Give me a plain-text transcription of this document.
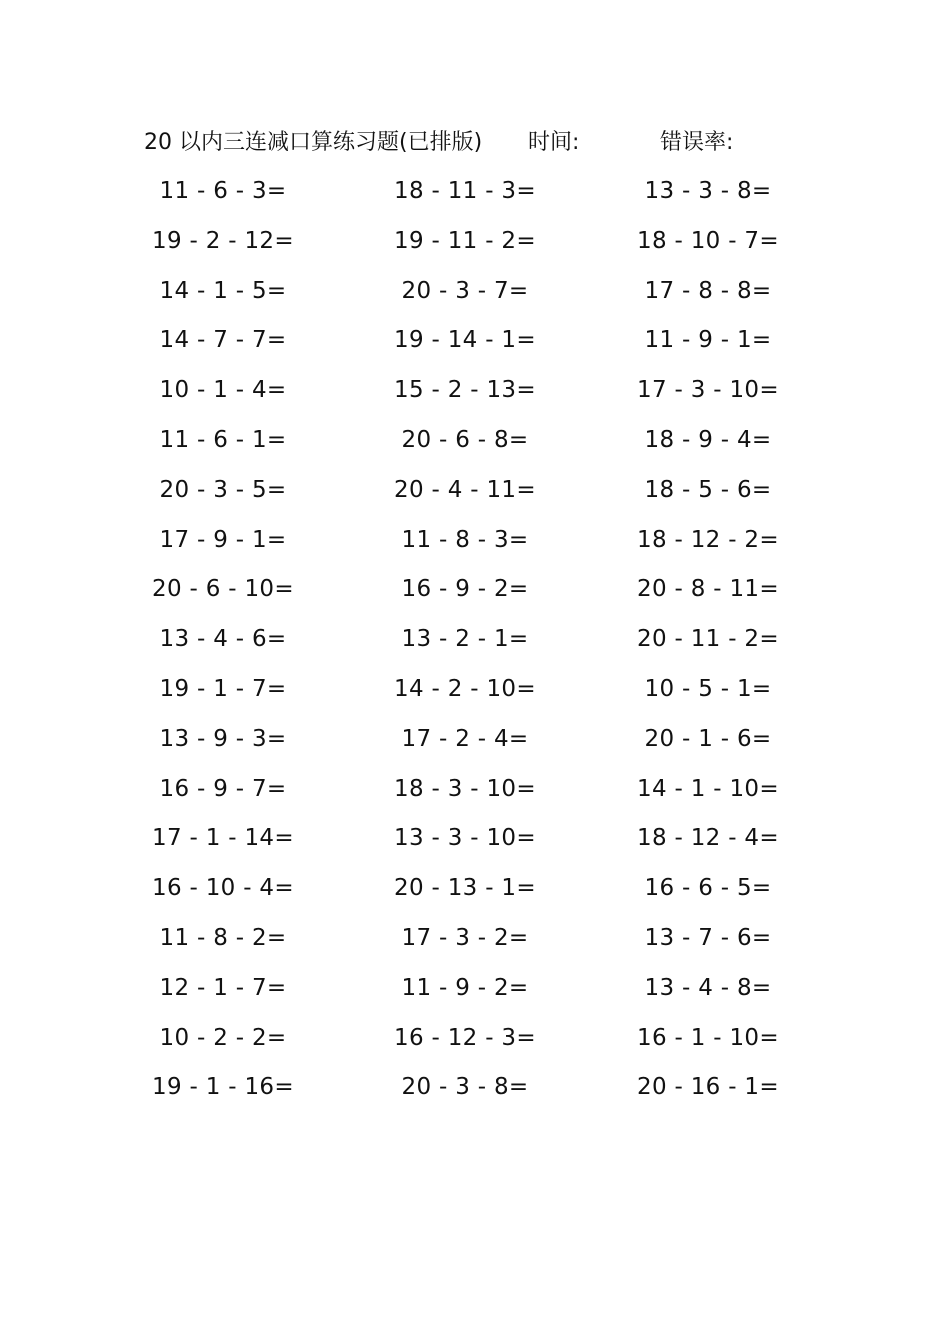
20 以内三连减口算练习题(已排版) 时间:	错误率:
11 - 6 - 3=	18 - 11 - 3=	13 - 3 - 8=
19 - 2 - 12=	19 - 11 - 2=	18 - 10 - 7=
14 - 1 - 5=	20 - 3 - 7=	17 - 8 - 8=
14 - 7 - 7=	19 - 14 - 1=	11 - 9 - 1=
10 - 1 - 4=	15 - 2 - 13=	17 - 3 - 10=
11 - 6 - 1=	20 - 6 - 8=	18 - 9 - 4=
20 - 3 - 5=	20 - 4 - 11=	18 - 5 - 6=
17 - 9 - 1=	11 - 8 - 3=	18 - 12 - 2=
20 - 6 - 10=	16 - 9 - 2=	20 - 8 - 11=
13 - 4 - 6=	13 - 2 - 1=	20 - 11 - 2=
19 - 1 - 7=	14 - 2 - 10=	10 - 5 - 1=
13 - 9 - 3=	17 - 2 - 4=	20 - 1 - 6=
16 - 9 - 7=	18 - 3 - 10=	14 - 1 - 10=
17 - 1 - 14=	13 - 3 - 10=	18 - 12 - 4=
16 - 10 - 4=	20 - 13 - 1=	16 - 6 - 5=
11 - 8 - 2=	17 - 3 - 2=	13 - 7 - 6=
12 - 1 - 7=	11 - 9 - 2=	13 - 4 - 8=
10 - 2 - 2=	16 - 12 - 3=	16 - 1 - 10=
19 - 1 - 16=	20 - 3 - 8=	20 - 16 - 1=
